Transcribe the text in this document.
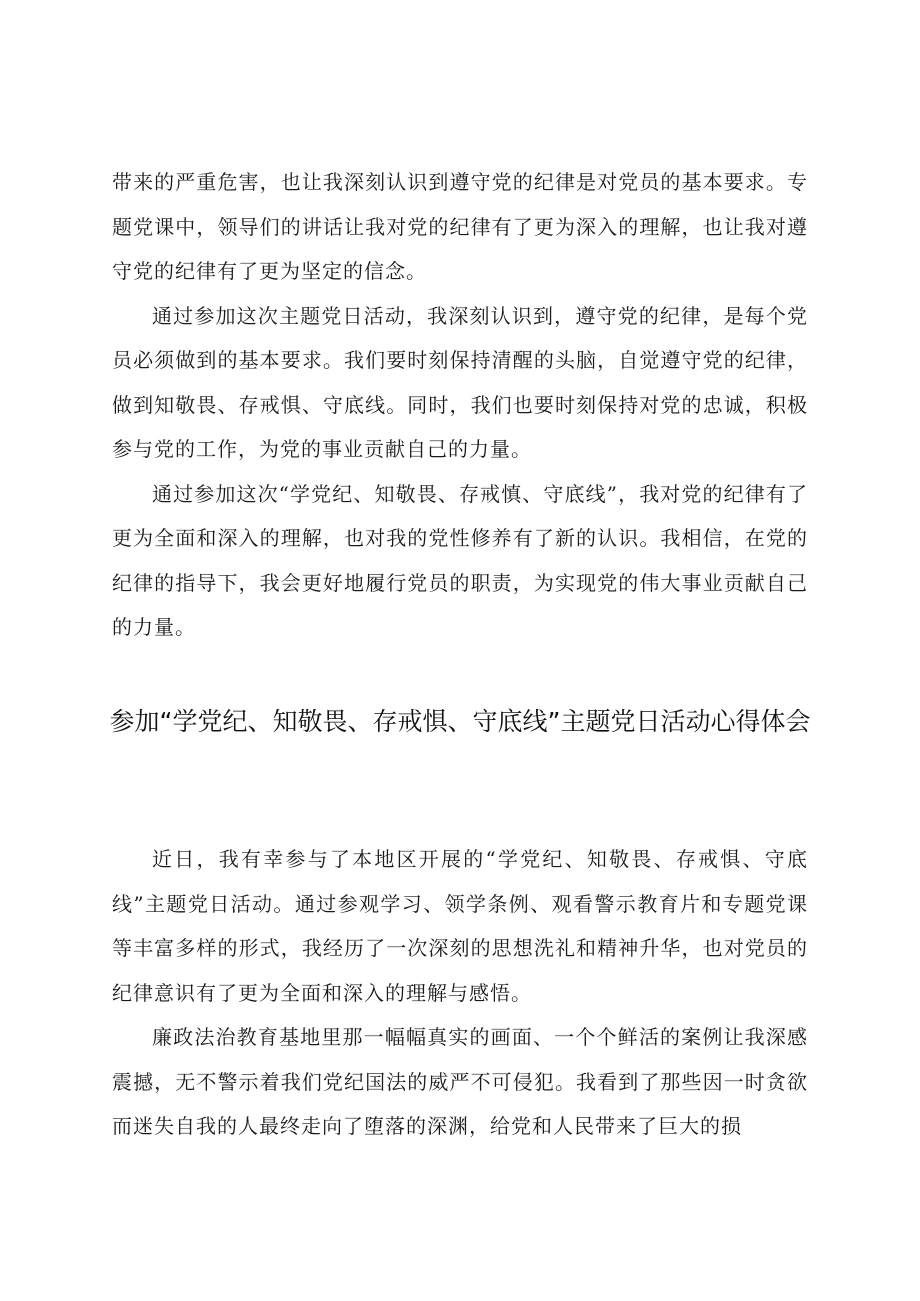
带来的严重危害，也让我深刻认识到遵守党的纪律是对党员的基本要求。专题党课中，领导们的讲话让我对党的纪律有了更为深入的理解，也让我对遵守党的纪律有了更为坚定的信念。

通过参加这次主题党日活动，我深刻认识到，遵守党的纪律，是每个党员必须做到的基本要求。我们要时刻保持清醒的头脑，自觉遵守党的纪律，做到知敬畏、存戒惧、守底线。同时，我们也要时刻保持对党的忠诚，积极参与党的工作，为党的事业贡献自己的力量。

通过参加这次“学党纪、知敬畏、存戒慎、守底线”，我对党的纪律有了更为全面和深入的理解，也对我的党性修养有了新的认识。我相信，在党的纪律的指导下，我会更好地履行党员的职责，为实现党的伟大事业贡献自己的力量。

参加“学党纪、知敬畏、存戒惧、守底线”主题党日活动心得体会

近日，我有幸参与了本地区开展的“学党纪、知敬畏、存戒惧、守底线”主题党日活动。通过参观学习、领学条例、观看警示教育片和专题党课等丰富多样的形式，我经历了一次深刻的思想洗礼和精神升华，也对党员的纪律意识有了更为全面和深入的理解与感悟。

廉政法治教育基地里那一幅幅真实的画面、一个个鲜活的案例让我深感震撼，无不警示着我们党纪国法的威严不可侵犯。我看到了那些因一时贪欲而迷失自我的人最终走向了堕落的深渊，给党和人民带来了巨大的损
